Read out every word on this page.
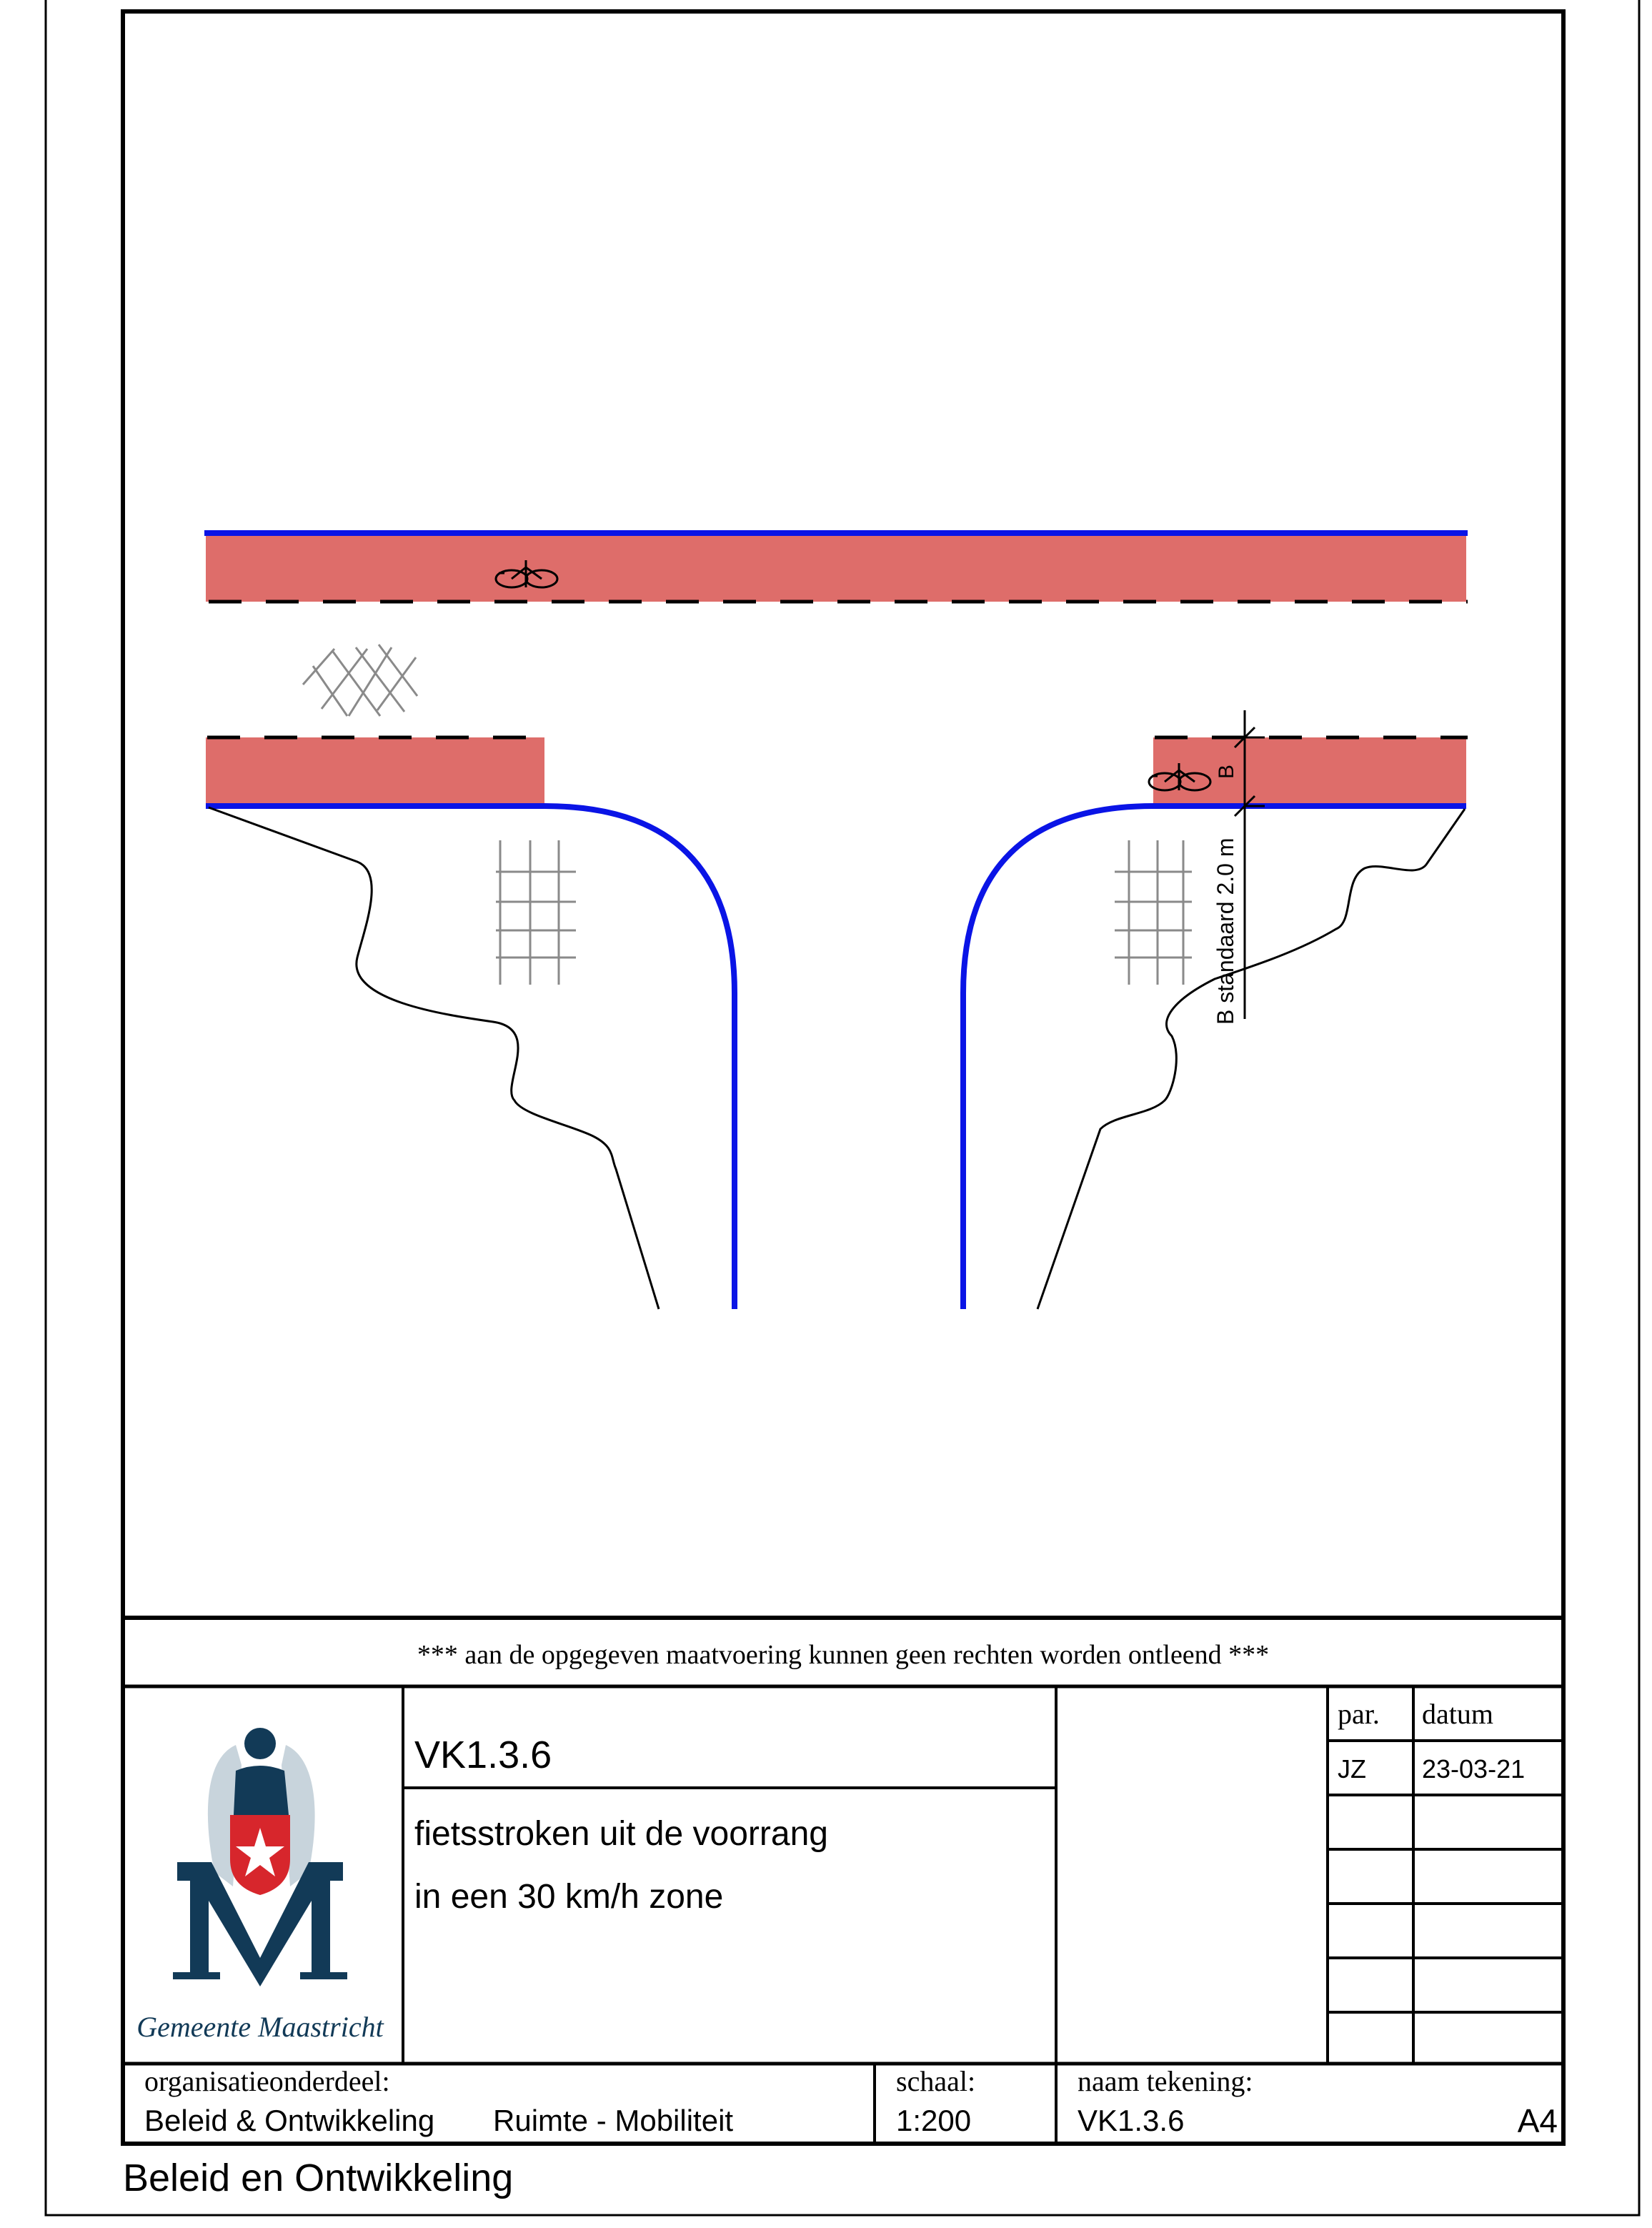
B
B standaard 2.0 m
*** aan de opgegeven maatvoering kunnen geen rechten worden ontleend ***
VK1.3.6
fietsstroken uit de voorrang
in een 30 km/h zone
par. datum
JZ 23-03-21
Gemeente Maastricht
organisatieonderdeel:
Beleid & Ontwikkeling Ruimte - Mobiliteit
schaal:
1:200
naam tekening:
VK1.3.6	A4
Beleid en Ontwikkeling
